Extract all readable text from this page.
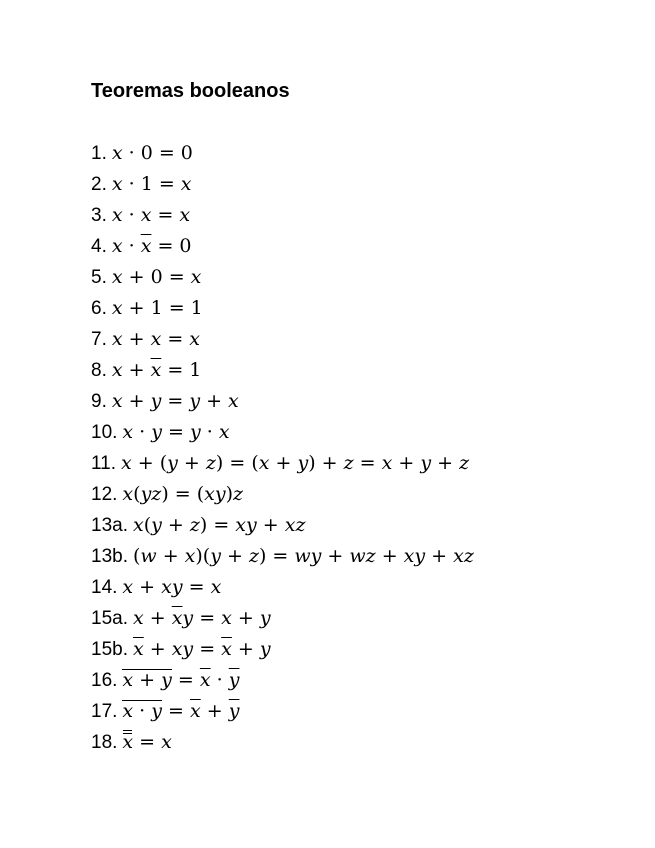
Teoremas booleanos
1. x · 0 = 0
2. x · 1 = x
3. x · x = x
4. $x \cdot \overline{x} = 0$
5. x + 0 = x
6. x + 1 = 1
7. x + x = x
8. $x + \overline{x} = 1$
9. x + y = y + x
10. x · y = y · x
11. x + (y + z) = (x + y) + z = x + y + z
12. x(yz) = (xy)z
13a. x(y + z) = xy + xz
13b. (w + x)(y + z) = wy + wz + xy + xz
14. x + xy = x
15a. $x + \overline{x}y = x + y$
15b. $\overline{x}$ + xy = $\overline{x} + y$
16. $x + y = \overline{x} \cdot \overline{y}$
17. $x \cdot y = \overline{x} + \overline{y}$
18. x = x
